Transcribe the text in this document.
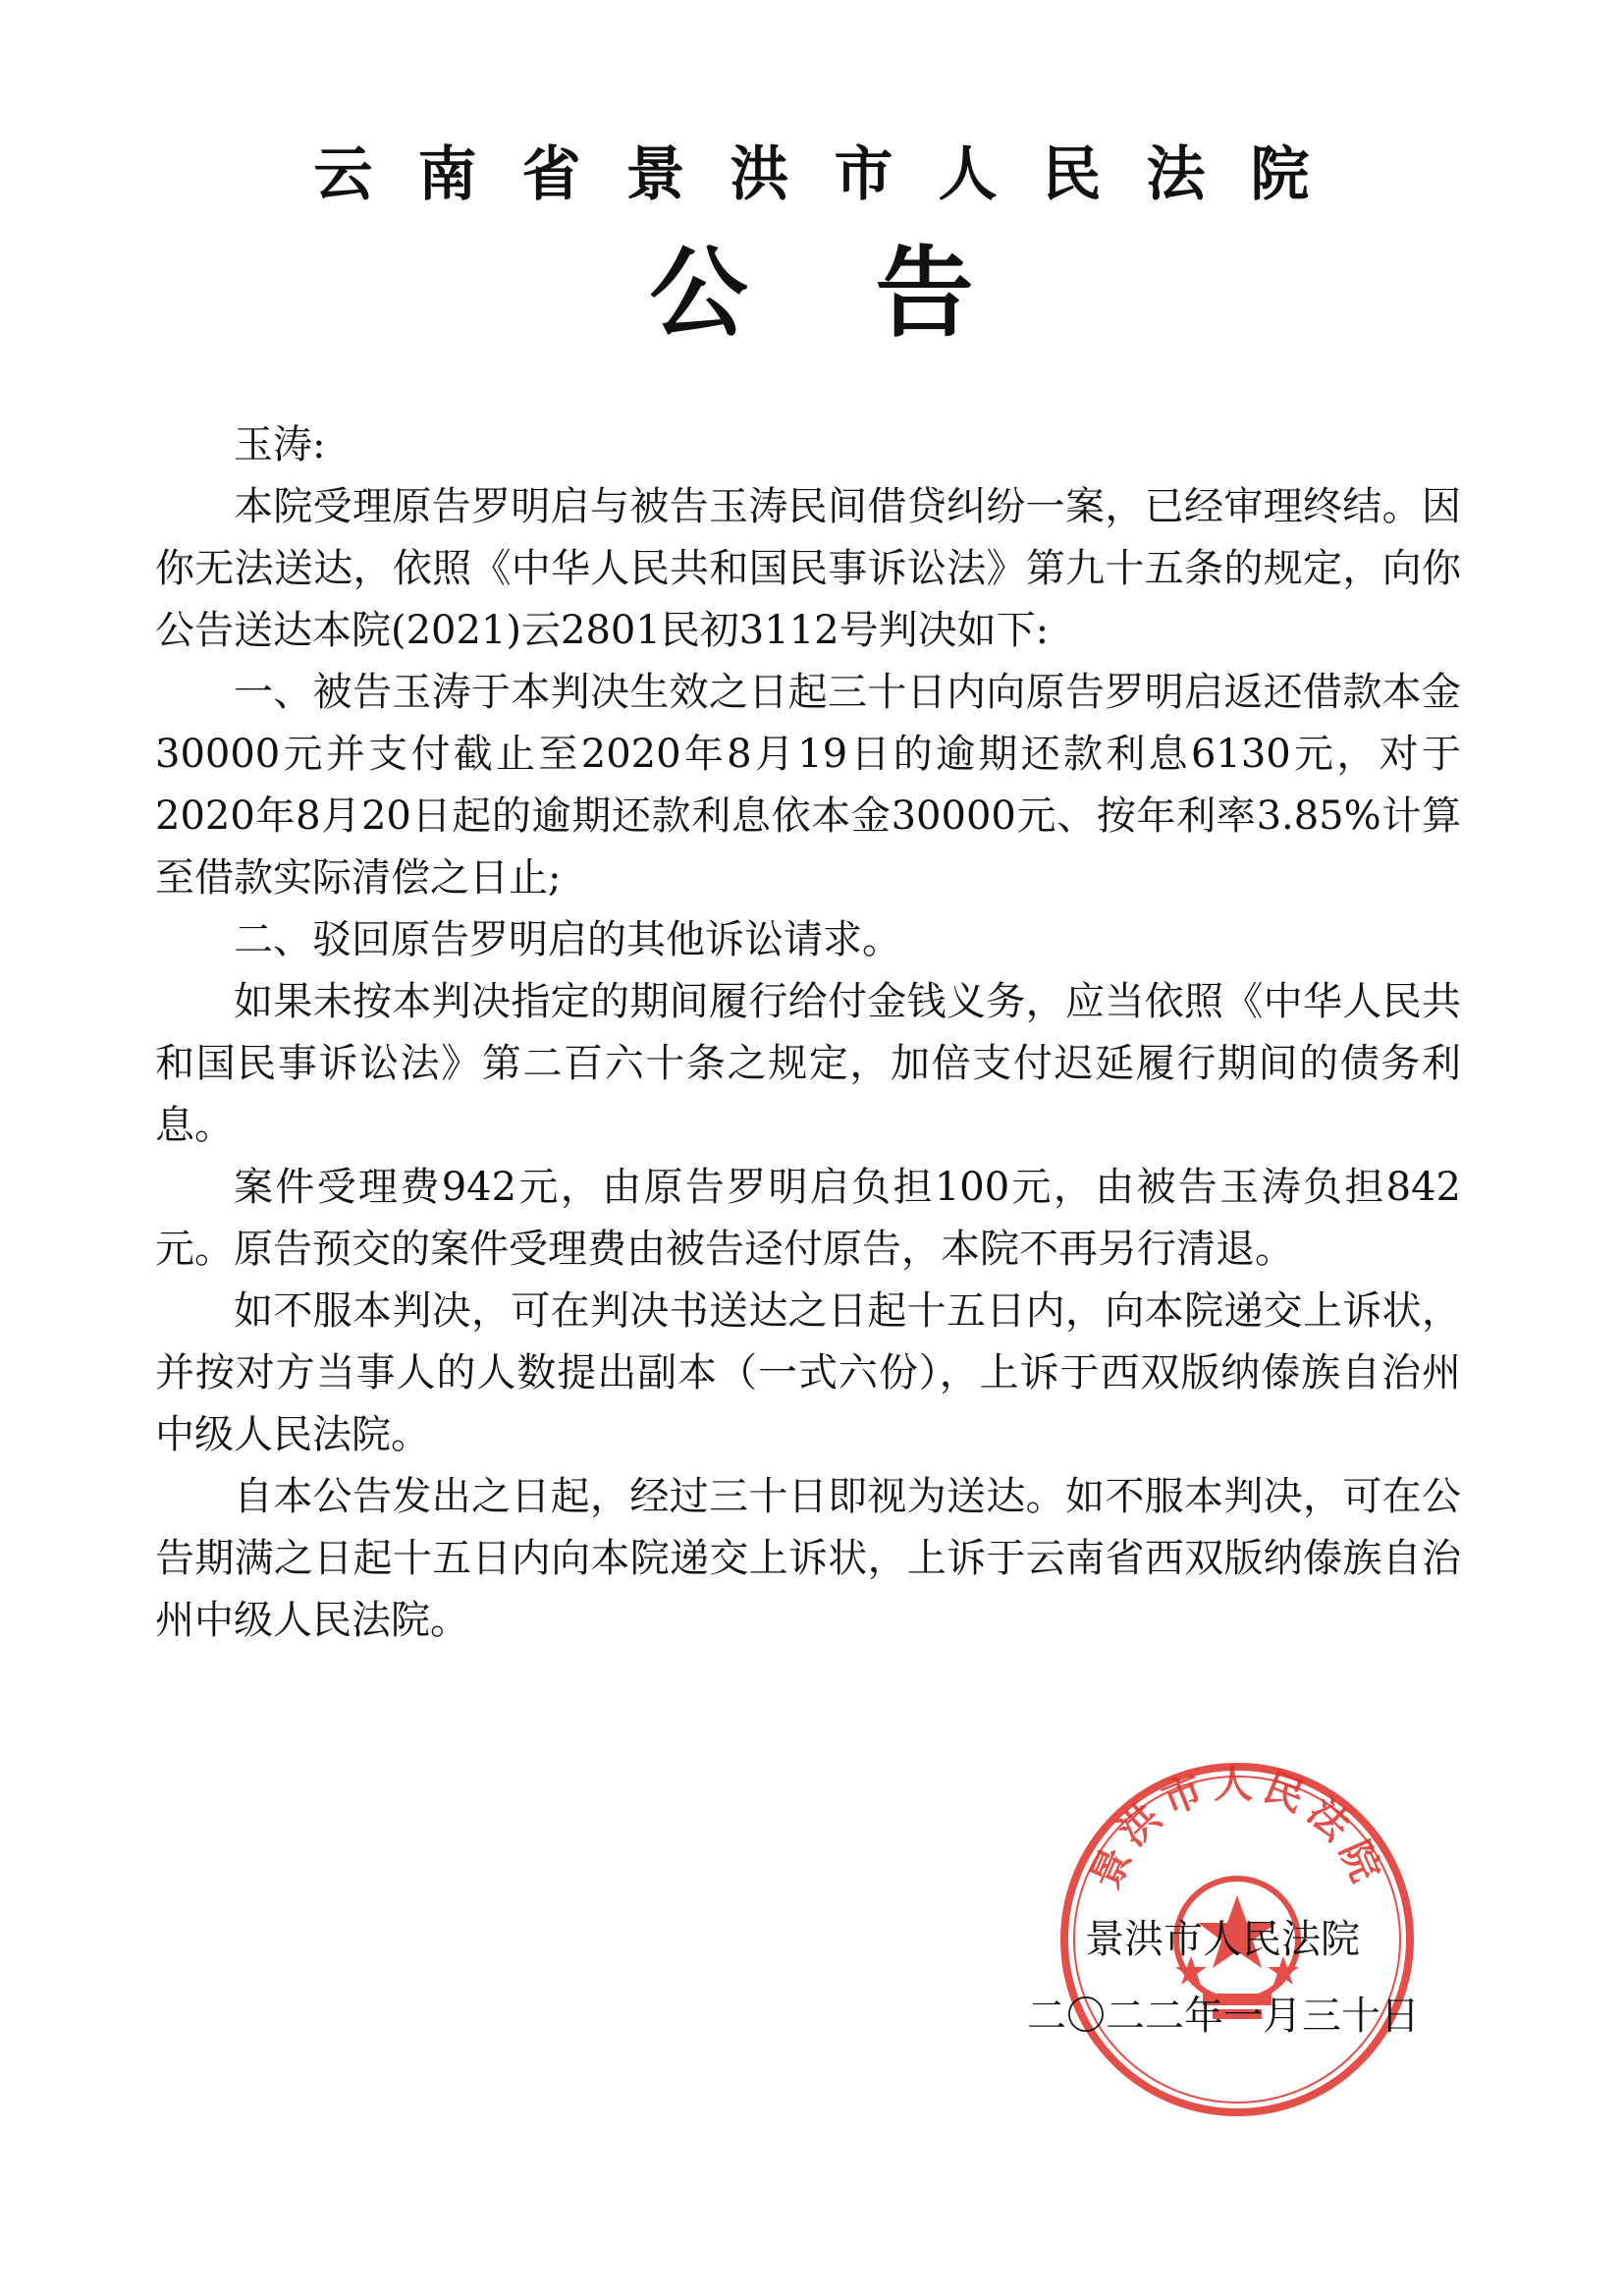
云南省景洪市人民法院
公告

玉涛:

本院受理原告罗明启与被告玉涛民间借贷纠纷一案，已经审理终结。因你无法送达，依照《中华人民共和国民事诉讼法》第九十五条的规定，向你公告送达本院(2021)云2801民初3112号判决如下:

一、被告玉涛于本判决生效之日起三十日内向原告罗明启返还借款本金30000元并支付截止至2020年8月19日的逾期还款利息6130元，对于2020年8月20日起的逾期还款利息依本金30000元、按年利率3.85%计算至借款实际清偿之日止;

二、驳回原告罗明启的其他诉讼请求。

如果未按本判决指定的期间履行给付金钱义务，应当依照《中华人民共和国民事诉讼法》第二百六十条之规定，加倍支付迟延履行期间的债务利息。

案件受理费942元，由原告罗明启负担100元，由被告玉涛负担842元。原告预交的案件受理费由被告迳付原告，本院不再另行清退。

如不服本判决，可在判决书送达之日起十五日内，向本院递交上诉状，并按对方当事人的人数提出副本（一式六份），上诉于西双版纳傣族自治州中级人民法院。

自本公告发出之日起，经过三十日即视为送达。如不服本判决，可在公告期满之日起十五日内向本院递交上诉状，上诉于云南省西双版纳傣族自治州中级人民法院。

景洪市人民法院

景洪市人民法院

二〇二二年一月三十日
